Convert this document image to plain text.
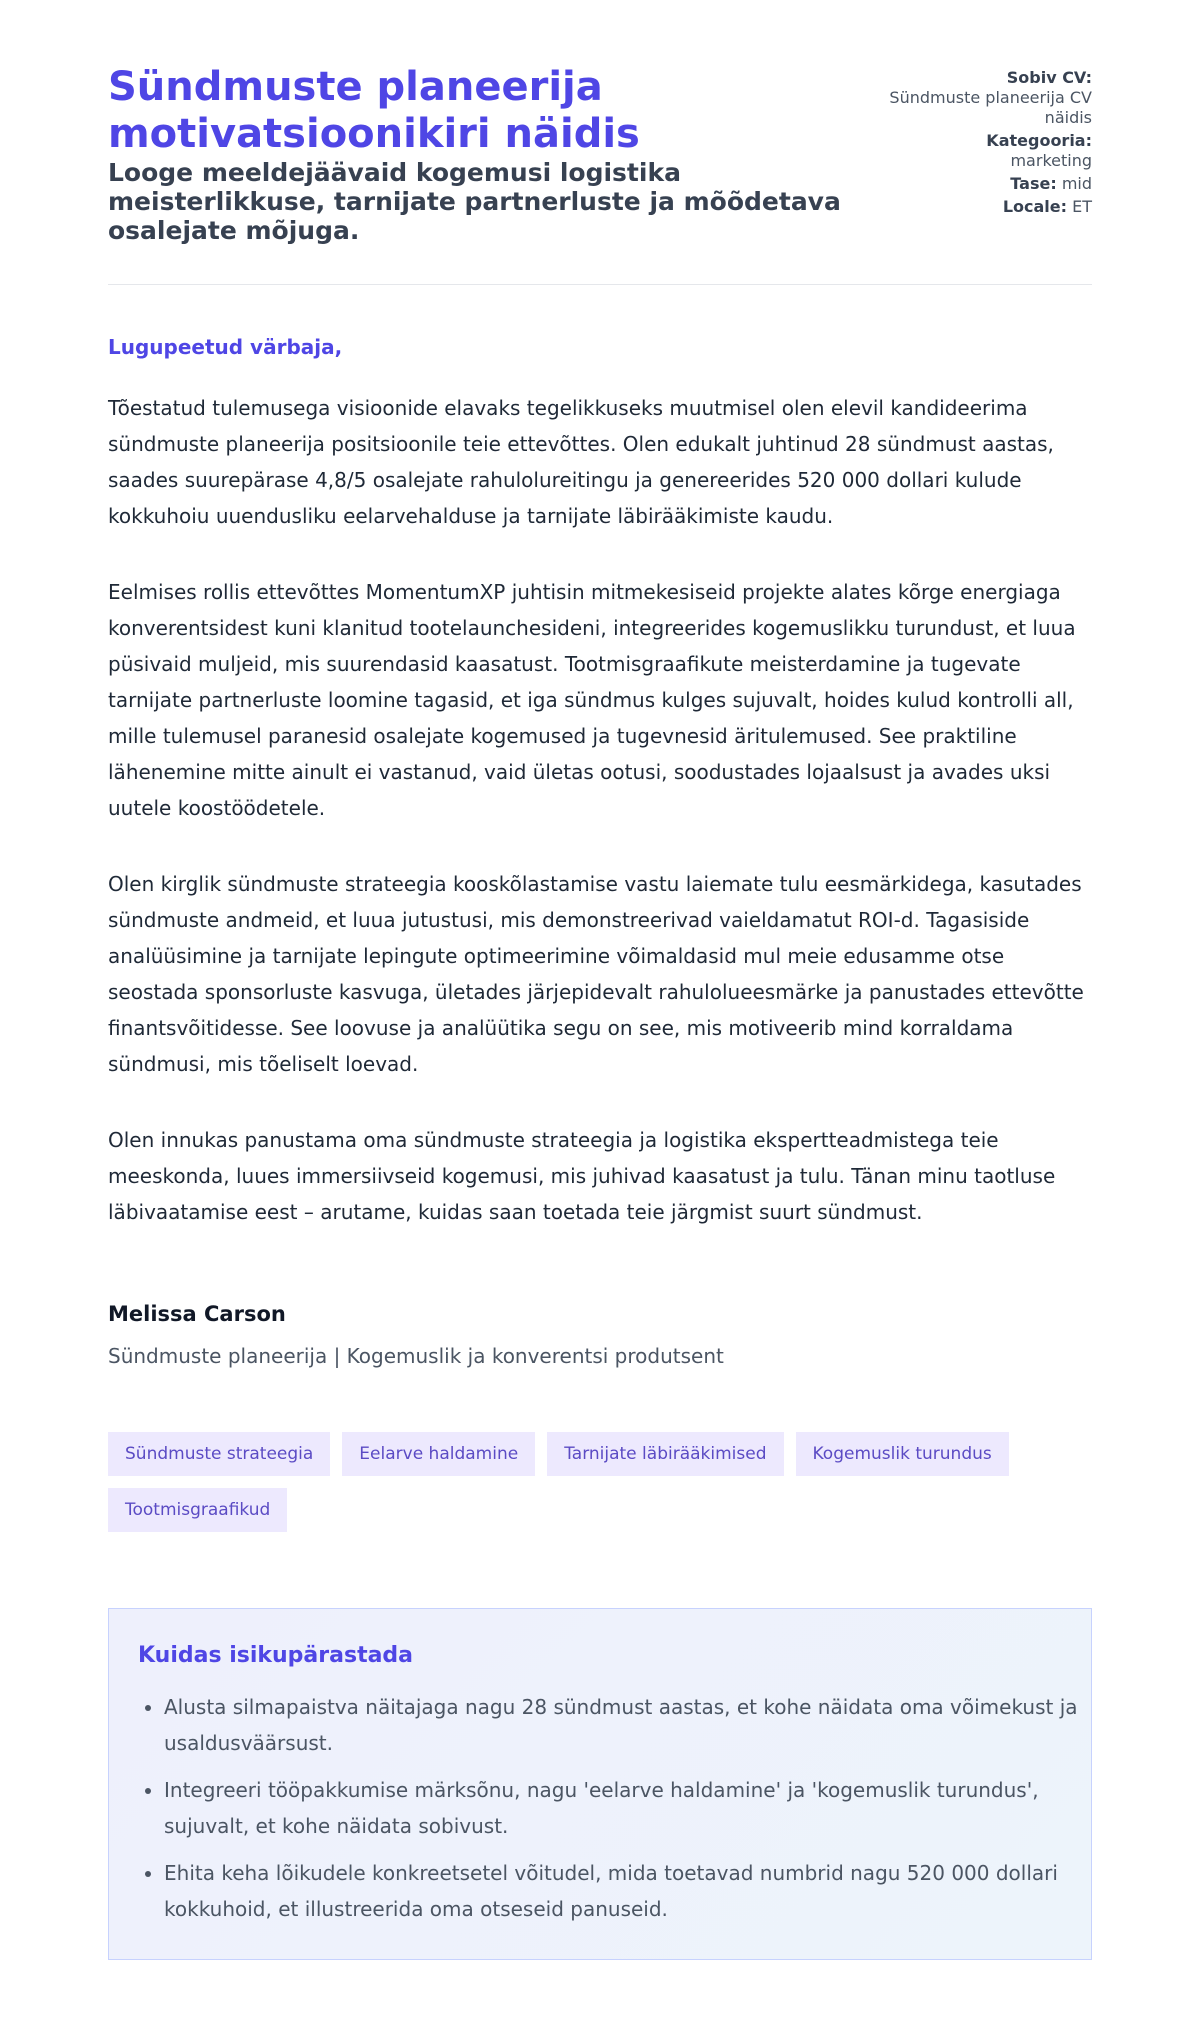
Sündmuste planeerija motivatsioonikiri näidis
Looge meeldejäävaid kogemusi logistika meisterlikkuse, tarnijate partnerluste ja mõõdetava osalejate mõjuga.
Sobiv CV:
Sündmuste planeerija CV näidis
Kategooria:
marketing
Tase: mid
Locale: ET

Lugupeetud värbaja,

Tõestatud tulemusega visioonide elavaks tegelikkuseks muutmisel olen elevil kandideerima sündmuste planeerija positsioonile teie ettevõttes. Olen edukalt juhtinud 28 sündmust aastas, saades suurepärase 4,8/5 osalejate rahulolureitingu ja genereerides 520 000 dollari kulude kokkuhoiu uuendusliku eelarvehalduse ja tarnijate läbirääkimiste kaudu.

Eelmises rollis ettevõttes MomentumXP juhtisin mitmekesiseid projekte alates kõrge energiaga konverentsidest kuni klanitud tootelaunchesideni, integreerides kogemuslikku turundust, et luua püsivaid muljeid, mis suurendasid kaasatust. Tootmisgraafikute meisterdamine ja tugevate tarnijate partnerluste loomine tagasid, et iga sündmus kulges sujuvalt, hoides kulud kontrolli all, mille tulemusel paranesid osalejate kogemused ja tugevnesid äritulemused. See praktiline lähenemine mitte ainult ei vastanud, vaid ületas ootusi, soodustades lojaalsust ja avades uksi uutele koostöödetele.

Olen kirglik sündmuste strateegia kooskõlastamise vastu laiemate tulu eesmärkidega, kasutades sündmuste andmeid, et luua jutustusi, mis demonstreerivad vaieldamatut ROI-d. Tagasiside analüüsimine ja tarnijate lepingute optimeerimine võimaldasid mul meie edusamme otse seostada sponsorluste kasvuga, ületades järjepidevalt rahuloluееsmärke ja panustades ettevõtte finantsvõitidesse. See loovuse ja analüütika segu on see, mis motiveerib mind korraldama sündmusi, mis tõeliselt loevad.

Olen innukas panustama oma sündmuste strateegia ja logistika ekspertteadmistega teie meeskonda, luues immersiivseid kogemusi, mis juhivad kaasatust ja tulu. Tänan minu taotluse läbivaatamise eest – arutame, kuidas saan toetada teie järgmist suurt sündmust.

Melissa Carson

Sündmuste planeerija | Kogemuslik ja konverentsi produtsent

Sündmuste strateegia	Eelarve haldamine	Tarnijate läbirääkimised	Kogemuslik turundus
Tootmisgraafikud
Kuidas isikupärastada
• Alusta silmapaistva näitajaga nagu 28 sündmust aastas, et kohe näidata oma võimekust ja usaldusväärsust.
• Integreeri tööpakkumise märksõnu, nagu 'eelarve haldamine' ja 'kogemuslik turundus', sujuvalt, et kohe näidata sobivust.
• Ehita keha lõikudele konkreetsetel võitudel, mida toetavad numbrid nagu 520 000 dollari kokkuhoid, et illustreerida oma otseseid panuseid.
